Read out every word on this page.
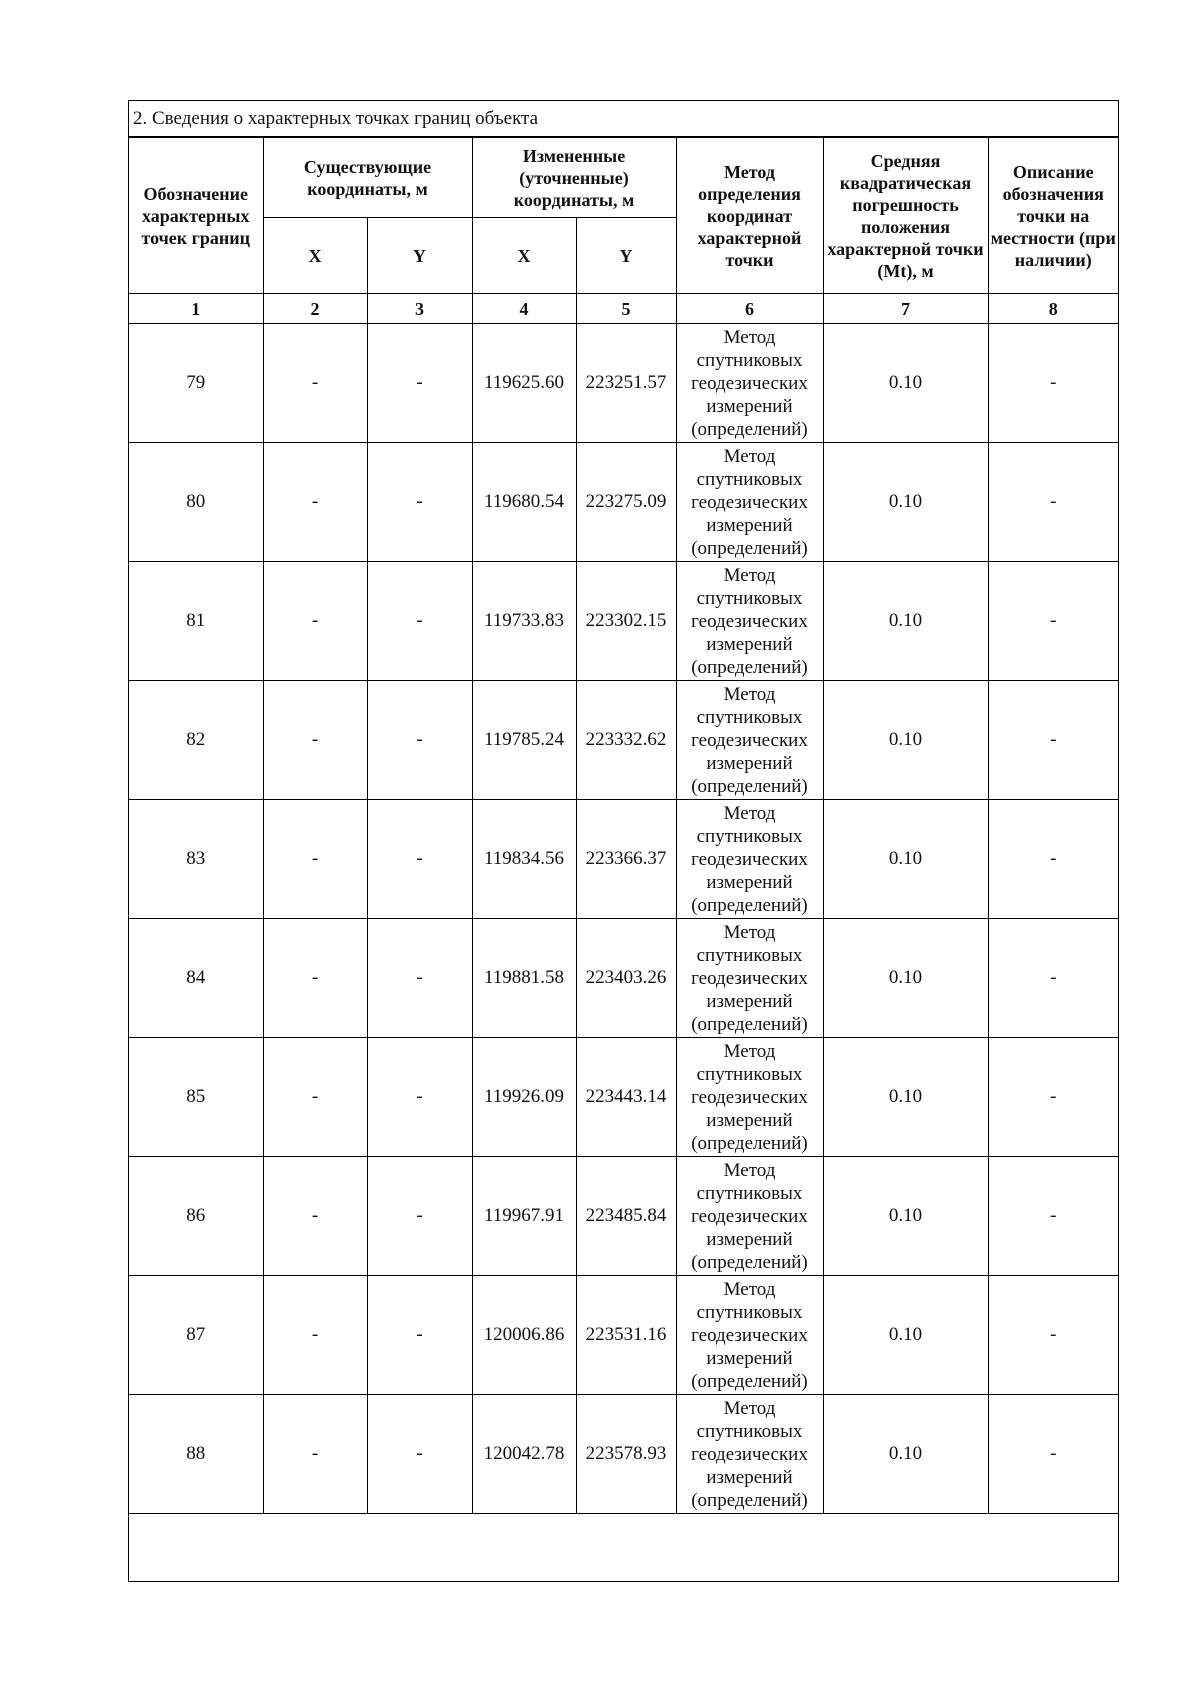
2. Сведения о характерных точках границ объекта
Обозначение характерных точек границ	Существующие координаты, м		Измененные (уточненные) координаты, м		Метод определения координат характерной точки	Средняя квадратическая погрешность положения характерной точки (Mt), м	Описание обозначения точки на местности (при наличии)
	X	Y	X	Y			
1	2	3	4	5	6	7	8
79	-	-	119625.60	223251.57	Метод спутниковых геодезических измерений (определений)	0.10	-
80	-	-	119680.54	223275.09	Метод спутниковых геодезических измерений (определений)	0.10	-
81	-	-	119733.83	223302.15	Метод спутниковых геодезических измерений (определений)	0.10	-
82	-	-	119785.24	223332.62	Метод спутниковых геодезических измерений (определений)	0.10	-
83	-	-	119834.56	223366.37	Метод спутниковых геодезических измерений (определений)	0.10	-
84	-	-	119881.58	223403.26	Метод спутниковых геодезических измерений (определений)	0.10	-
85	-	-	119926.09	223443.14	Метод спутниковых геодезических измерений (определений)	0.10	-
86	-	-	119967.91	223485.84	Метод спутниковых геодезических измерений (определений)	0.10	-
87	-	-	120006.86	223531.16	Метод спутниковых геодезических измерений (определений)	0.10	-
88	-	-	120042.78	223578.93	Метод спутниковых геодезических измерений (определений)	0.10	-
